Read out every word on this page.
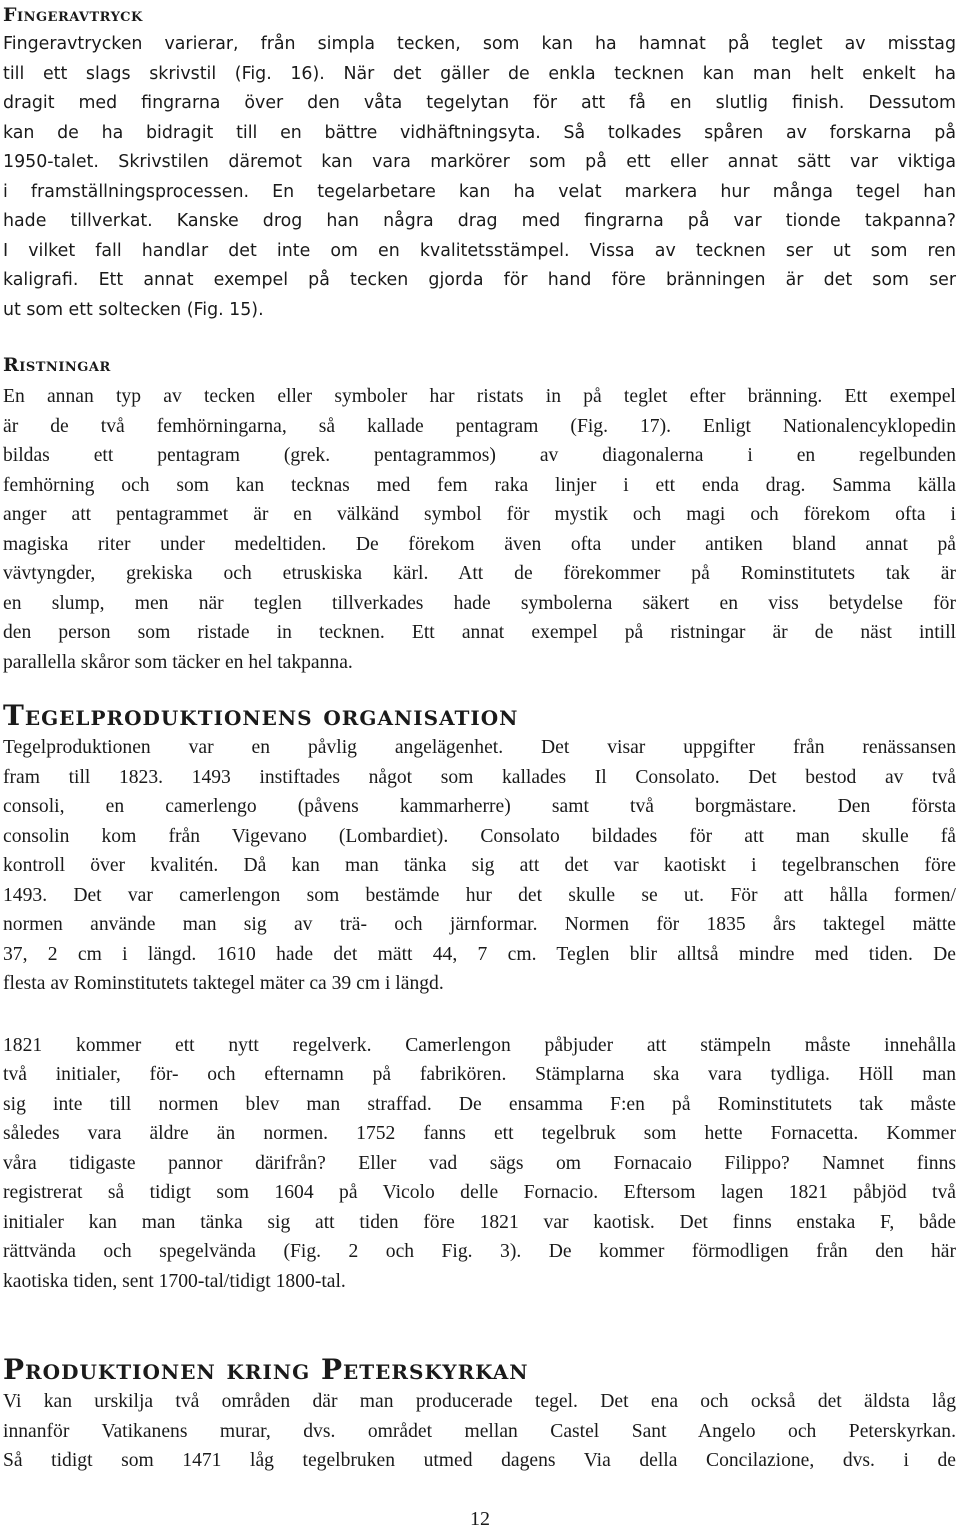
Fingeravtryck
Fingeravtrycken varierar, från simpla tecken, som kan ha hamnat på teglet av misstag
till ett slags skrivstil (Fig. 16). När det gäller de enkla tecknen kan man helt enkelt ha
dragit med fingrarna över den våta tegelytan för att få en slutlig finish. Dessutom
kan de ha bidragit till en bättre vidhäftningsyta. Så tolkades spåren av forskarna på
1950-talet. Skrivstilen däremot kan vara markörer som på ett eller annat sätt var viktiga
i framställningsprocessen. En tegelarbetare kan ha velat markera hur många tegel han
hade tillverkat. Kanske drog han några drag med fingrarna på var tionde takpanna?
I vilket fall handlar det inte om en kvalitetsstämpel. Vissa av tecknen ser ut som ren
kaligrafi. Ett annat exempel på tecken gjorda för hand före bränningen är det som ser
ut som ett soltecken (Fig. 15).
Ristningar
En annan typ av tecken eller symboler har ristats in på teglet efter bränning. Ett exempel
är de två femhörningarna, så kallade pentagram (Fig. 17). Enligt Nationalencyklopedin
bildas ett pentagram (grek. pentagrammos) av diagonalerna i en regelbunden
femhörning och som kan tecknas med fem raka linjer i ett enda drag. Samma källa
anger att pentagrammet är en välkänd symbol för mystik och magi och förekom ofta i
magiska riter under medeltiden. De förekom även ofta under antiken bland annat på
vävtyngder, grekiska och etruskiska kärl. Att de förekommer på Rominstitutets tak är
en slump, men när teglen tillverkades hade symbolerna säkert en viss betydelse för
den person som ristade in tecknen. Ett annat exempel på ristningar är de näst intill
parallella skåror som täcker en hel takpanna.
Tegelproduktionens organisation
Tegelproduktionen var en påvlig angelägenhet. Det visar uppgifter från renässansen
fram till 1823. 1493 instiftades något som kallades Il Consolato. Det bestod av två
consoli, en camerlengo (påvens kammarherre) samt två borgmästare. Den första
consolin kom från Vigevano (Lombardiet). Consolato bildades för att man skulle få
kontroll över kvalitén. Då kan man tänka sig att det var kaotiskt i tegelbranschen före
1493. Det var camerlengon som bestämde hur det skulle se ut. För att hålla formen/
normen använde man sig av trä- och järnformar. Normen för 1835 års taktegel mätte
37, 2 cm i längd. 1610 hade det mätt 44, 7 cm. Teglen blir alltså mindre med tiden. De
flesta av Rominstitutets taktegel mäter ca 39 cm i längd.
1821 kommer ett nytt regelverk. Camerlengon påbjuder att stämpeln måste innehålla
två initialer, för- och efternamn på fabrikören. Stämplarna ska vara tydliga. Höll man
sig inte till normen blev man straffad. De ensamma F:en på Rominstitutets tak måste
således vara äldre än normen. 1752 fanns ett tegelbruk som hette Fornacetta. Kommer
våra tidigaste pannor därifrån? Eller vad sägs om Fornacaio Filippo? Namnet finns
registrerat så tidigt som 1604 på Vicolo delle Fornacio. Eftersom lagen 1821 påbjöd två
initialer kan man tänka sig att tiden före 1821 var kaotisk. Det finns enstaka F, både
rättvända och spegelvända (Fig. 2 och Fig. 3). De kommer förmodligen från den här
kaotiska tiden, sent 1700-tal/tidigt 1800-tal.
Produktionen kring Peterskyrkan
Vi kan urskilja två områden där man producerade tegel. Det ena och också det äldsta låg
innanför Vatikanens murar, dvs. området mellan Castel Sant Angelo och Peterskyrkan.
Så tidigt som 1471 låg tegelbruken utmed dagens Via della Concilazione, dvs. i de
12
